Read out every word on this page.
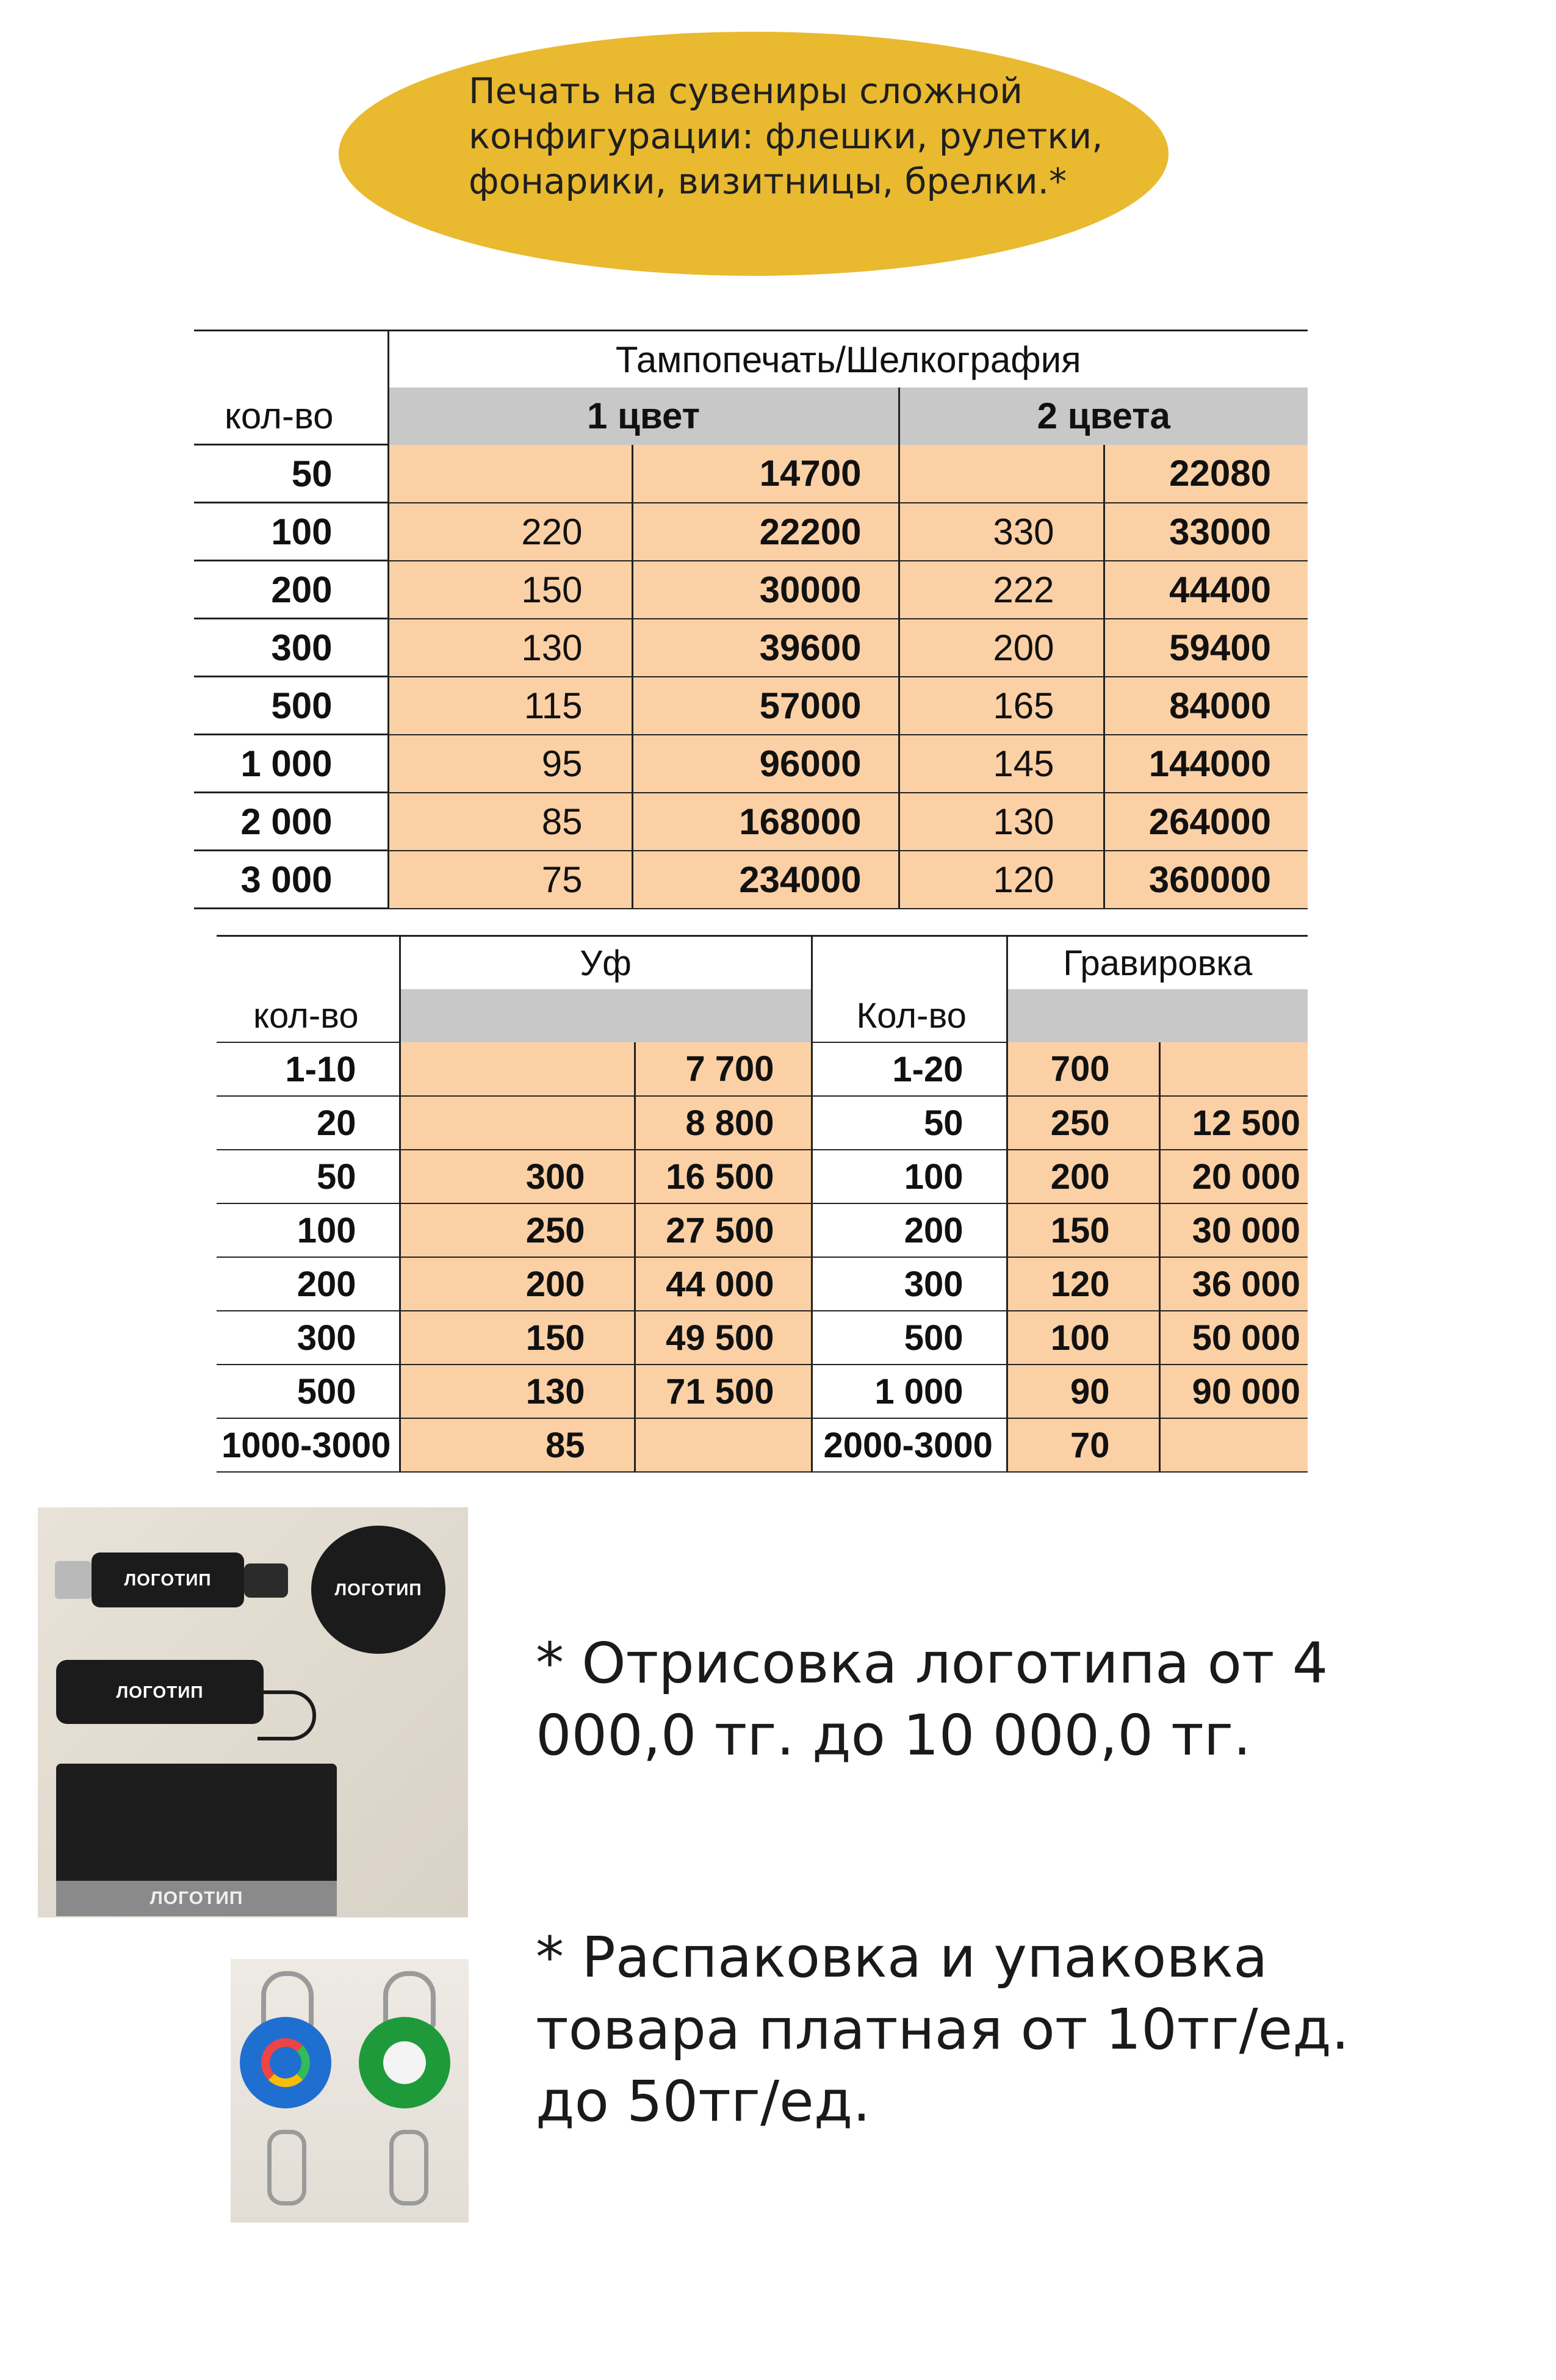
Печать на сувениры сложной
конфигурации: флешки, рулетки,
фонарики, визитницы, брелки.*
	Тампопечать/Шелкография			
кол-во	1 цвет		2 цвета	
50		14700		22080
100	220	22200	330	33000
200	150	30000	222	44400
300	130	39600	200	59400
500	115	57000	165	84000
1 000	95	96000	145	144000
2 000	85	168000	130	264000
3 000	75	234000	120	360000
	Уф			Гравировка	
кол-во			Кол-во		
1-10		7 700	1-20	700	
20		8 800	50	250	12 500
50	300	16 500	100	200	20 000
100	250	27 500	200	150	30 000
200	200	44 000	300	120	36 000
300	150	49 500	500	100	50 000
500	130	71 500	1 000	90	90 000
1000-3000	85		2000-3000	70	
ЛОГОТИП
ЛОГОТИП
ЛОГОТИП
ЛОГОТИП

* Отрисовка логотипа от 4
000,0 тг. до 10 000,0 тг.

* Распаковка и упаковка
товара платная от 10тг/ед.
до 50тг/ед.
